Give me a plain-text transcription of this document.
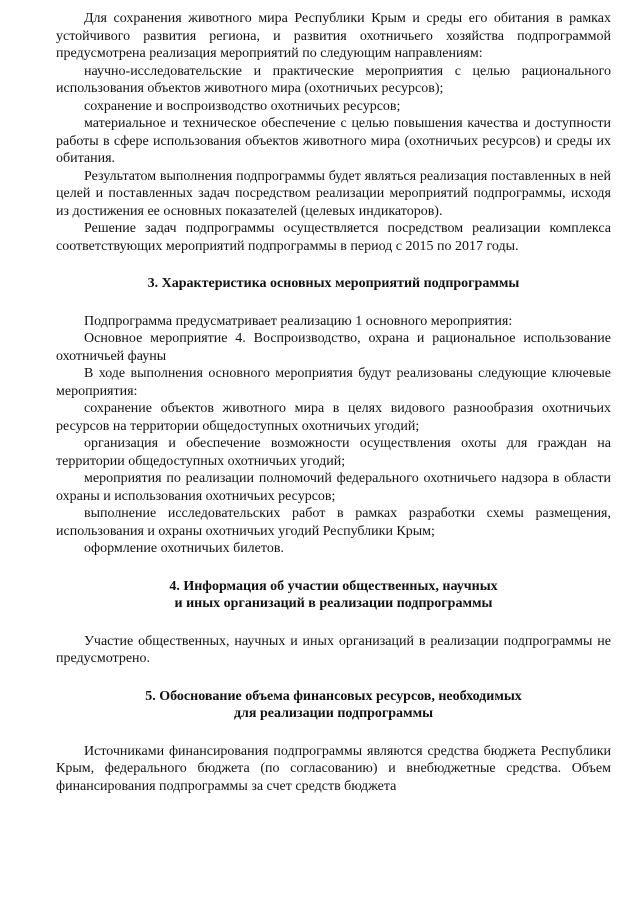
Для сохранения животного мира Республики Крым и среды его обитания в рамках устойчивого развития региона, и развития охотничьего хозяйства подпрограммой предусмотрена реализация мероприятий по следующим направлениям:

научно-исследовательские и практические мероприятия с целью рационального использования объектов животного мира (охотничьих ресурсов);

сохранение и воспроизводство охотничьих ресурсов;

материальное и техническое обеспечение с целью повышения качества и доступности работы в сфере использования объектов животного мира (охотничьих ресурсов) и среды их обитания.

Результатом выполнения подпрограммы будет являться реализация поставленных в ней целей и поставленных задач посредством реализации мероприятий подпрограммы, исходя из достижения ее основных показателей (целевых индикаторов).

Решение задач подпрограммы осуществляется посредством реализации комплекса соответствующих мероприятий подпрограммы в период с 2015 по 2017 годы.

3. Характеристика основных мероприятий подпрограммы

Подпрограмма предусматривает реализацию 1 основного мероприятия:

Основное мероприятие 4. Воспроизводство, охрана и рациональное использование охотничьей фауны

В ходе выполнения основного мероприятия будут реализованы следующие ключевые мероприятия:

сохранение объектов животного мира в целях видового разнообразия охотничьих ресурсов на территории общедоступных охотничьих угодий;

организация и обеспечение возможности осуществления охоты для граждан на территории общедоступных охотничьих угодий;

мероприятия по реализации полномочий федерального охотничьего надзора в области охраны и использования охотничьих ресурсов;

выполнение исследовательских работ в рамках разработки схемы размещения, использования и охраны охотничьих угодий Республики Крым;

оформление охотничьих билетов.

4. Информация об участии общественных, научных
и иных организаций в реализации подпрограммы

Участие общественных, научных и иных организаций в реализации подпрограммы не предусмотрено.

5. Обоснование объема финансовых ресурсов, необходимых
для реализации подпрограммы

Источниками финансирования подпрограммы являются средства бюджета Республики Крым, федерального бюджета (по согласованию) и внебюджетные средства. Объем финансирования подпрограммы за счет средств бюджета
